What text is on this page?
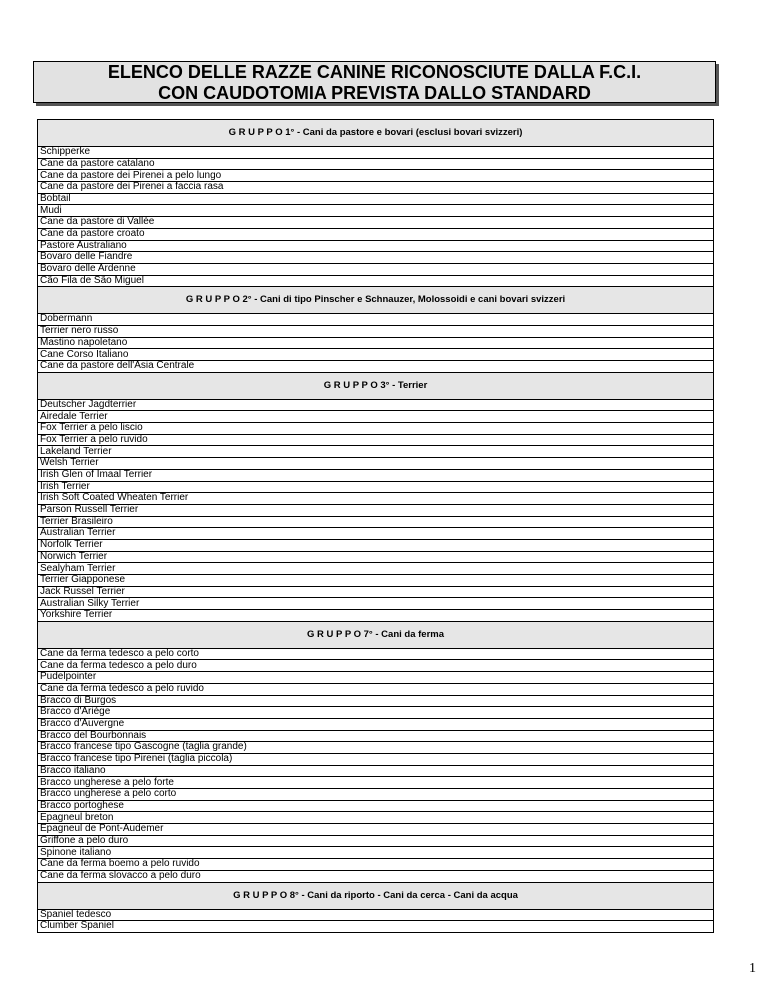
ELENCO DELLE RAZZE CANINE RICONOSCIUTE DALLA F.C.I.
CON CAUDOTOMIA PREVISTA DALLO STANDARD
G R U P P O 1° - Cani da pastore e bovari (esclusi bovari svizzeri)
Schipperke
Cane da pastore catalano
Cane da pastore dei Pirenei a pelo lungo
Cane da pastore dei Pirenei a faccia rasa
Bobtail
Mudi
Cane da pastore di Vallée
Cane da pastore croato
Pastore Australiano
Bovaro delle Fiandre
Bovaro delle Ardenne
Cão Fila de São Miguel
G R U P P O 2° - Cani di tipo Pinscher e Schnauzer, Molossoidi e cani bovari svizzeri
Dobermann
Terrier nero russo
Mastino napoletano
Cane Corso Italiano
Cane da pastore dell'Asia Centrale
G R U P P O 3° - Terrier
Deutscher Jagdterrier
Airedale Terrier
Fox Terrier a pelo liscio
Fox Terrier a pelo ruvido
Lakeland Terrier
Welsh Terrier
Irish Glen of Imaal Terrier
Irish Terrier
Irish Soft Coated Wheaten Terrier
Parson Russell Terrier
Terrier Brasileiro
Australian Terrier
Norfolk Terrier
Norwich Terrier
Sealyham Terrier
Terrier Giapponese
Jack Russel Terrier
Australian Silky Terrier
Yorkshire Terrier
G R U P P O 7° - Cani da ferma
Cane da ferma tedesco a pelo corto
Cane da ferma tedesco a pelo duro
Pudelpointer
Cane da ferma tedesco a pelo ruvido
Bracco di Burgos
Bracco d'Ariège
Bracco d'Auvergne
Bracco del Bourbonnais
Bracco francese tipo Gascogne (taglia grande)
Bracco francese tipo Pirenei (taglia piccola)
Bracco italiano
Bracco ungherese a pelo forte
Bracco ungherese a pelo corto
Bracco portoghese
Epagneul breton
Epagneul de Pont-Audemer
Griffone a pelo duro
Spinone italiano
Cane da ferma boemo a pelo ruvido
Cane da ferma slovacco a pelo duro
G R U P P O 8° - Cani da riporto - Cani da cerca - Cani da acqua
Spaniel tedesco
Clumber Spaniel
1
